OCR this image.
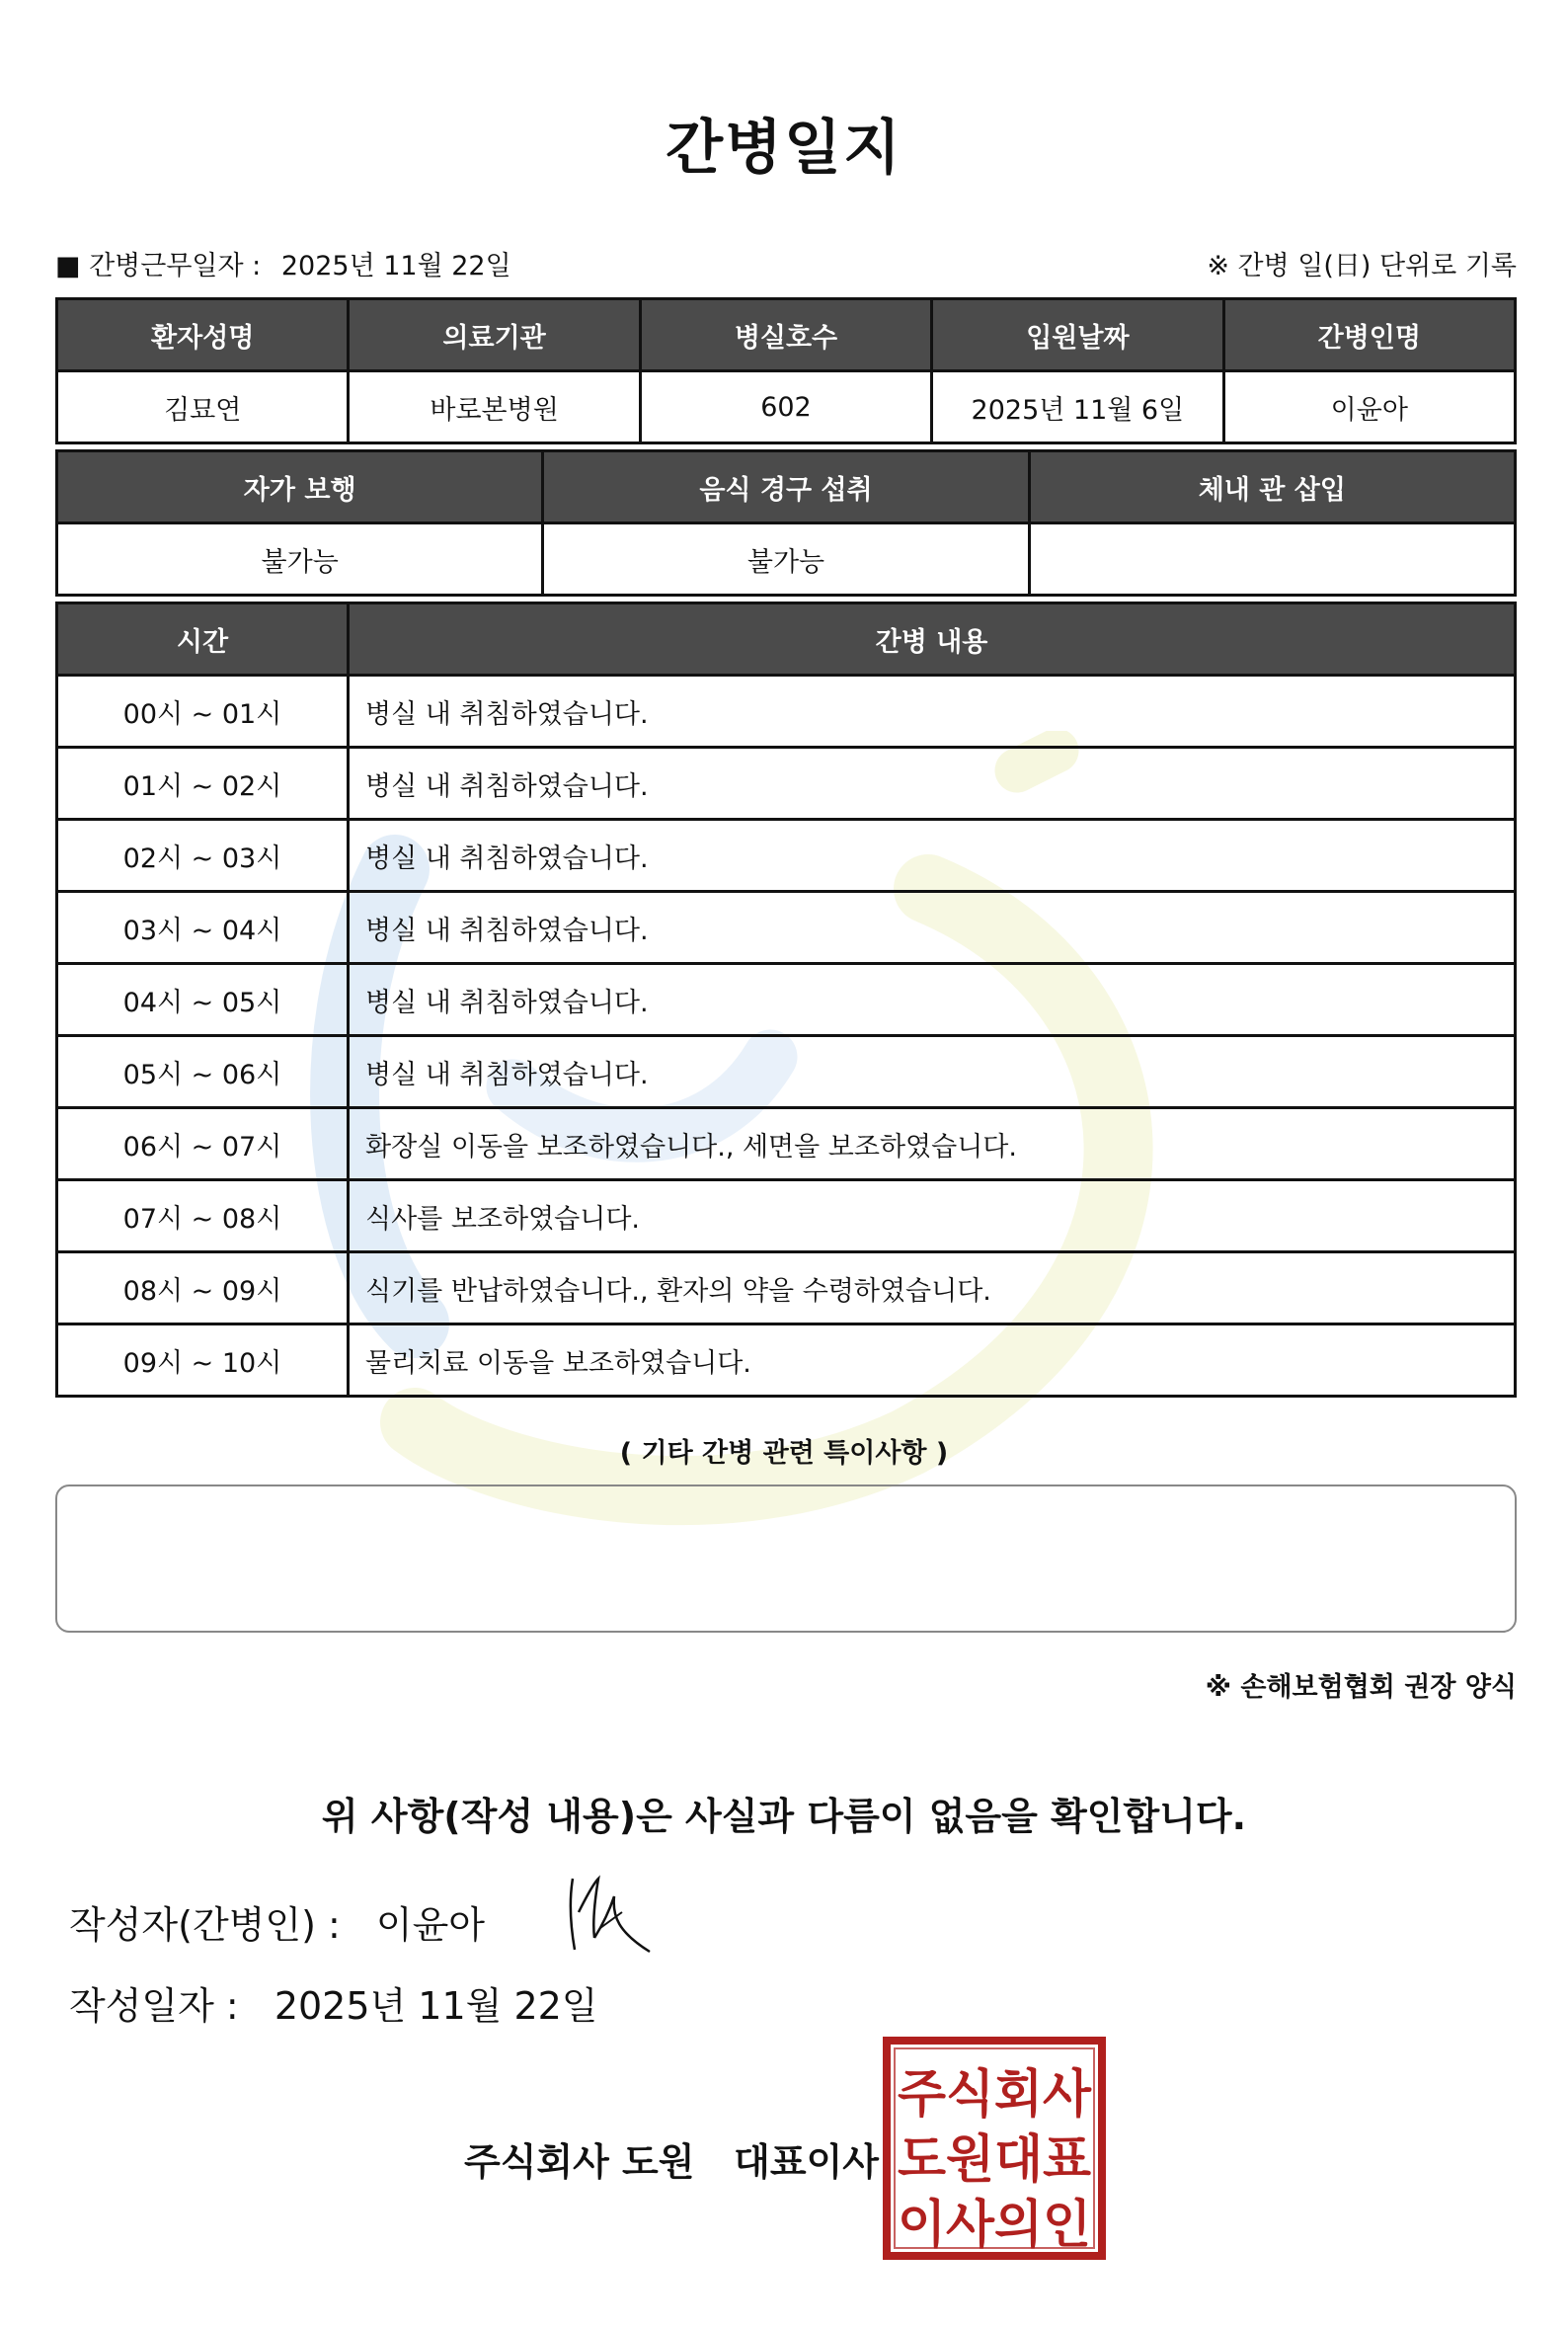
간병일지
■ 간병근무일자 : 2025년 11월 22일	※ 간병 일(日) 단위로 기록
환자성명	의료기관	병실호수	입원날짜	간병인명
김묘연	바로본병원	602	2025년 11월 6일	이윤아
자가 보행	음식 경구 섭취	체내 관 삽입
불가능	불가능	
시간	간병 내용
00시 ~ 01시	병실 내 취침하였습니다.
01시 ~ 02시	병실 내 취침하였습니다.
02시 ~ 03시	병실 내 취침하였습니다.
03시 ~ 04시	병실 내 취침하였습니다.
04시 ~ 05시	병실 내 취침하였습니다.
05시 ~ 06시	병실 내 취침하였습니다.
06시 ~ 07시	화장실 이동을 보조하였습니다., 세면을 보조하였습니다.
07시 ~ 08시	식사를 보조하였습니다.
08시 ~ 09시	식기를 반납하였습니다., 환자의 약을 수령하였습니다.
09시 ~ 10시	물리치료 이동을 보조하였습니다.
( 기타 간병 관련 특이사항 )
※ 손해보험협회 권장 양식
위 사항(작성 내용)은 사실과 다름이 없음을 확인합니다.
작성자(간병인) : 이윤아
작성일자 : 2025년 11월 22일
주식회사 도원   대표이사
주식회사
도원대표
이사의인
